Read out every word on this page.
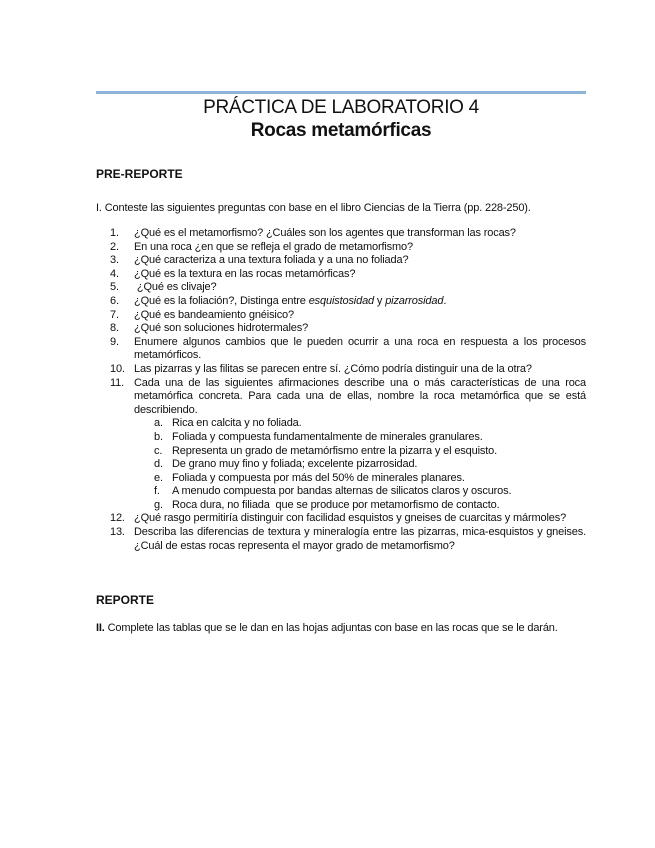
PRÁCTICA DE LABORATORIO 4
Rocas metamórficas
PRE-REPORTE
I. Conteste las siguientes preguntas con base en el libro Ciencias de la Tierra (pp. 228-250).
1.	¿Qué es el metamorfismo? ¿Cuáles son los agentes que transforman las rocas?
2.	En una roca ¿en que se refleja el grado de metamorfismo?
3.	¿Qué caracteriza a una textura foliada y a una no foliada?
4.	¿Qué es la textura en las rocas metamórficas?
5.	¿Qué es clivaje?
6.	¿Qué es la foliación?, Distinga entre esquistosidad y pizarrosidad.
7.	¿Qué es bandeamiento gnéisico?
8.	¿Qué son soluciones hidrotermales?
9.	Enumere algunos cambios que le pueden ocurrir a una roca en respuesta a los procesos metamórficos.
10. Las pizarras y las filitas se parecen entre sí. ¿Cómo podría distinguir una de la otra?
11. Cada una de las siguientes afirmaciones describe una o más características de una roca metamórfica concreta. Para cada una de ellas, nombre la roca metamórfica que se está describiendo.
a. Rica en calcita y no foliada.
b. Foliada y compuesta fundamentalmente de minerales granulares.
c. Representa un grado de metamórfismo entre la pizarra y el esquisto.
d. De grano muy fino y foliada; excelente pizarrosidad.
e. Foliada y compuesta por más del 50% de minerales planares.
f. A menudo compuesta por bandas alternas de silicatos claros y oscuros.
g. Roca dura, no filiada  que se produce por metamorfismo de contacto.
12. ¿Qué rasgo permitiría distinguir con facilidad esquistos y gneises de cuarcitas y mármoles?
13. Describa las diferencias de textura y mineralogía entre las pizarras, mica-esquistos y gneises. ¿Cuál de estas rocas representa el mayor grado de metamorfismo?
REPORTE
II. Complete las tablas que se le dan en las hojas adjuntas con base en las rocas que se le darán.
